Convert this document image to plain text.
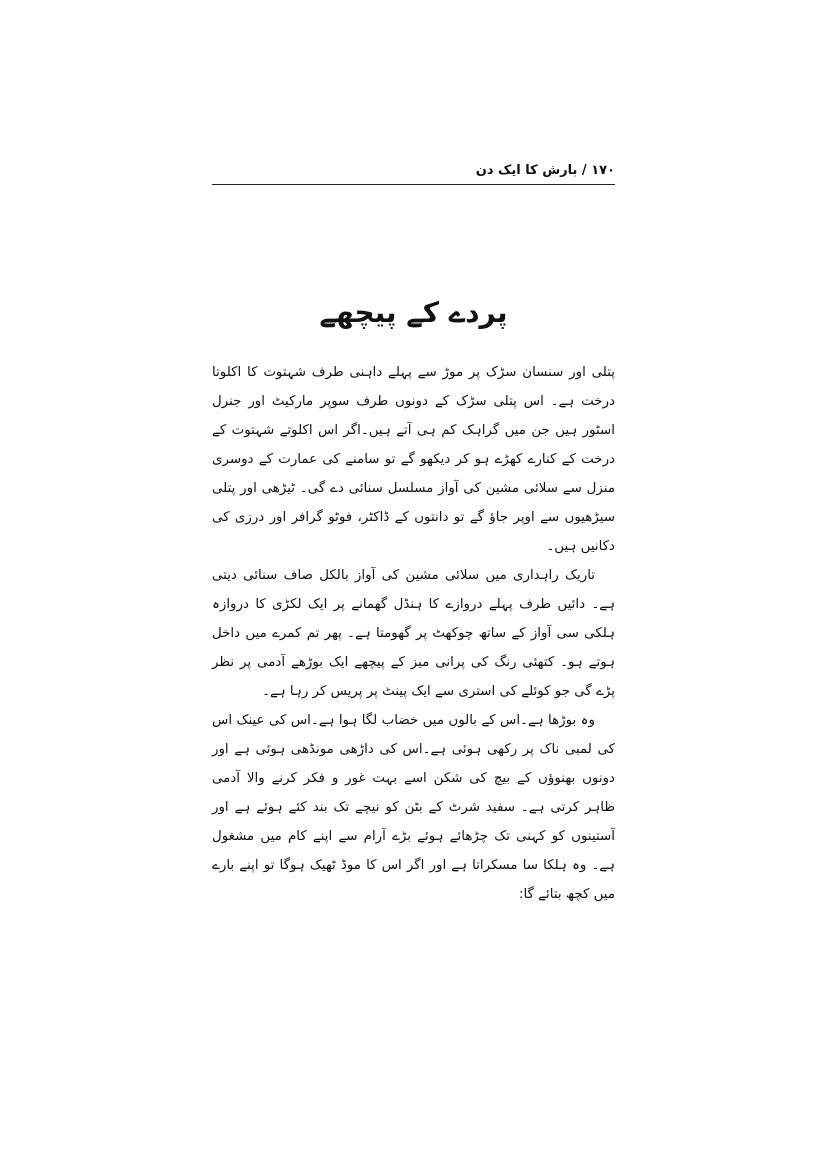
۱۷۰ / بارش کا ایک دن
پردے کے پیچھے

پتلی اور سنسان سڑک پر موڑ سے پہلے داہنی طرف شہتوت کا اکلوتا درخت ہے۔ اس پتلی سڑک کے دونوں طرف سوپر مارکیٹ اور جنرل اسٹور ہیں جن میں گراہک کم ہی آتے ہیں۔اگر اس اکلوتے شہتوت کے درخت کے کنارے کھڑے ہو کر دیکھو گے تو سامنے کی عمارت کے دوسری منزل سے سلائی مشین کی آواز مسلسل سنائی دے گی۔ ٹیڑھی اور پتلی سیڑھیوں سے اوپر جاؤ گے تو دانتوں کے ڈاکٹر، فوٹو گرافر اور درزی کی دکانیں ہیں۔

تاریک راہداری میں سلائی مشین کی آواز بالکل صاف سنائی دیتی ہے۔ دائیں طرف پہلے دروازے کا ہنڈل گھمانے پر ایک لکڑی کا دروازہ ہلکی سی آواز کے ساتھ چوکھٹ پر گھومتا ہے۔ پھر تم کمرے میں داخل ہوتے ہو۔ کتھئی رنگ کی پرانی میز کے پیچھے ایک بوڑھے آدمی پر نظر پڑے گی جو کوئلے کی استری سے ایک پینٹ پر پریس کر رہا ہے۔

وہ بوڑھا ہے۔اس کے بالوں میں خضاب لگا ہوا ہے۔اس کی عینک اس کی لمبی ناک پر رکھی ہوئی ہے۔اس کی داڑھی مونڈھی ہوئی ہے اور دونوں بھنوؤں کے بیچ کی شکن اسے بہت غور و فکر کرنے والا آدمی ظاہر کرتی ہے۔ سفید شرٹ کے بٹن کو نیچے تک بند کئے ہوئے ہے اور آستینوں کو کہنی تک چڑھائے ہوئے بڑے آرام سے اپنے کام میں مشغول ہے۔ وہ ہلکا سا مسکراتا ہے اور اگر اس کا موڈ ٹھیک ہوگا تو اپنے بارے میں کچھ بتائے گا:
